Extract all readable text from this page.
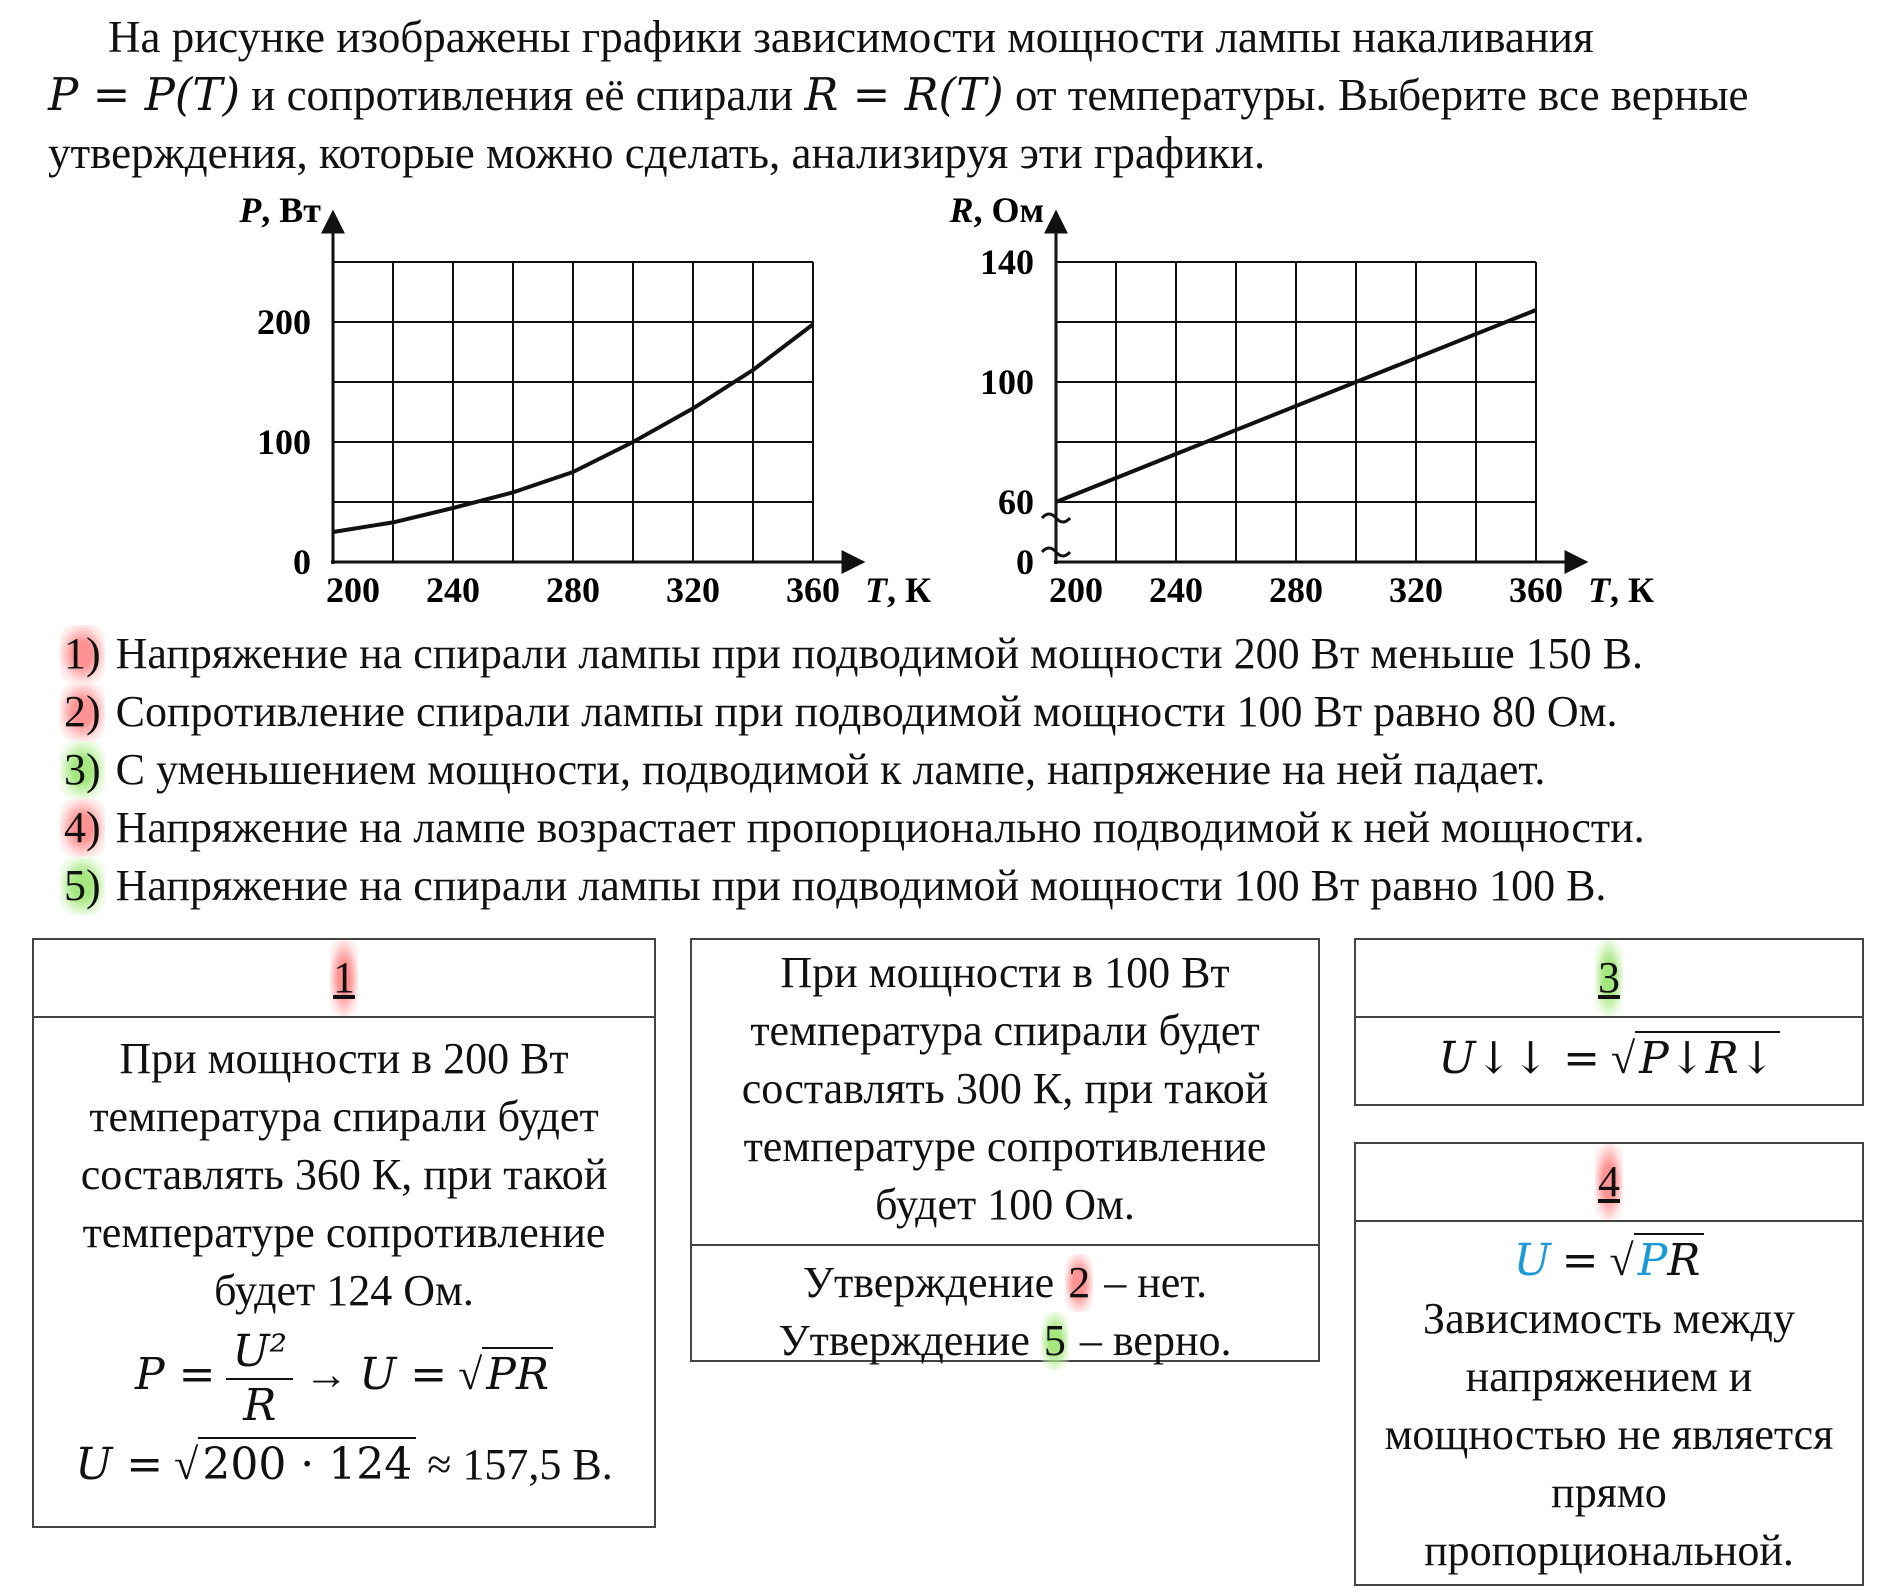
На рисунке изображены графики зависимости мощности лампы накаливания
P = P(T) и сопротивления её спирали R = R(T) от температуры. Выберите все верные
утверждения, которые можно сделать, анализируя эти графики.
P, Вт
T, К
200 240 280 320 360
0
100
200
R, Ом
T, К
200 240 280 320 360
0
60
100
140
1) Напряжение на спирали лампы при подводимой мощности 200 Вт меньше 150 В.
2) Сопротивление спирали лампы при подводимой мощности 100 Вт равно 80 Ом.
3) С уменьшением мощности, подводимой к лампе, напряжение на ней падает.
4) Напряжение на лампе возрастает пропорционально подводимой к ней мощности.
5) Напряжение на спирали лампы при подводимой мощности 100 Вт равно 100 В.
1
При мощности в 200 Вт температура спирали будет составлять 360 К, при такой температуре сопротивление будет 124 Ом.
$P = \frac{\text{U²}}{R} \to U = √PR$
U = √200 · 124 ≈ 157,5 В.
При мощности в 100 Вт температура спирали будет составлять 300 К, при такой температуре сопротивление будет 100 Ом.
Утверждение 2 – нет.
Утверждение 5 – верно.
3
U↓↓ = √P↓R↓
4
U = √PR
Зависимость между напряжением и мощностью не является прямо пропорциональной.
